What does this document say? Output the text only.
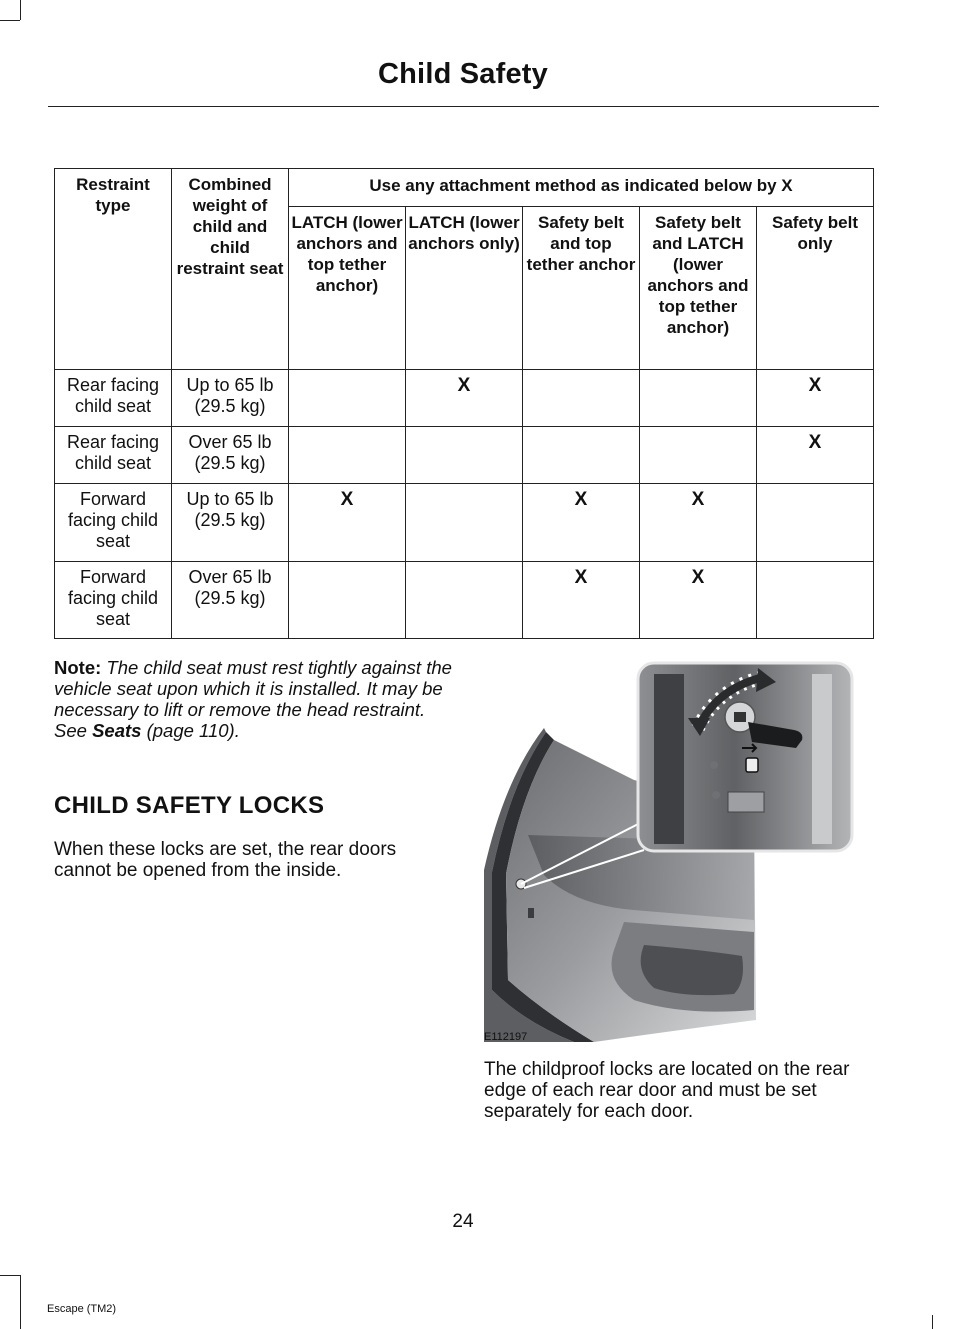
Child Safety
Restraint type	Combined weight of child and child restraint seat	Use any attachment method as indicated below by X				
		LATCH (lower anchors and top tether anchor)	LATCH (lower anchors only)	Safety belt and top tether anchor	Safety belt and LATCH (lower anchors and top tether anchor)	Safety belt only
Rear facing child seat	Up to 65 lb (29.5 kg)		X			X
Rear facing child seat	Over 65 lb (29.5 kg)					X
Forward facing child seat	Up to 65 lb (29.5 kg)	X		X	X	
Forward facing child seat	Over 65 lb (29.5 kg)			X	X	
Note: The child seat must rest tightly against the vehicle seat upon which it is installed. It may be necessary to lift or remove the head restraint. See Seats (page 110).
CHILD SAFETY LOCKS
When these locks are set, the rear doors cannot be opened from the inside.
E112197
The childproof locks are located on the rear edge of each rear door and must be set separately for each door.
24
Escape (TM2)
